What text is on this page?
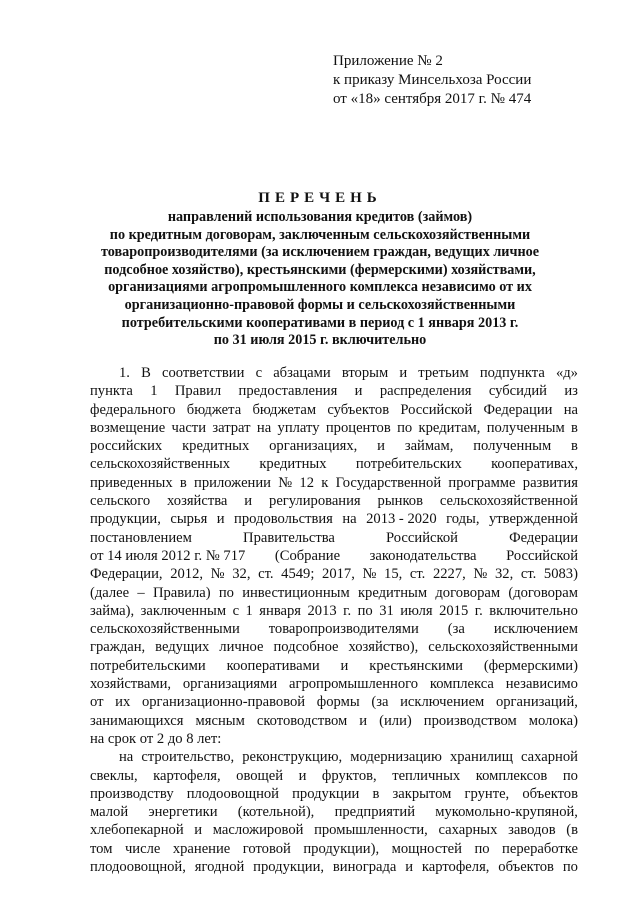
Приложение № 2
к приказу Минсельхоза России
от «18» сентября 2017 г. № 474
ПЕРЕЧЕНЬ
направлений использования кредитов (займов)
по кредитным договорам, заключенным сельскохозяйственными
товаропроизводителями (за исключением граждан, ведущих личное
подсобное хозяйство), крестьянскими (фермерскими) хозяйствами,
организациями агропромышленного комплекса независимо от их
организационно-правовой формы и сельскохозяйственными
потребительскими кооперативами в период с 1 января 2013 г.
по 31 июля 2015 г. включительно
1. В соответствии с абзацами вторым и третьим подпункта «д»
пункта 1 Правил предоставления и распределения субсидий из
федерального бюджета бюджетам субъектов Российской Федерации на
возмещение части затрат на уплату процентов по кредитам, полученным в
российских кредитных организациях, и займам, полученным в
сельскохозяйственных кредитных потребительских кооперативах,
приведенных в приложении № 12 к Государственной программе развития
сельского хозяйства и регулирования рынков сельскохозяйственной
продукции, сырья и продовольствия на 2013 - 2020 годы, утвержденной
постановлением	Правительства	Российской	Федерации
от 14 июля 2012 г. № 717 (Собрание законодательства Российской
Федерации, 2012, № 32, ст. 4549; 2017, № 15, ст. 2227, № 32, ст. 5083)
(далее – Правила) по инвестиционным кредитным договорам (договорам
займа), заключенным с 1 января 2013 г. по 31 июля 2015 г. включительно
сельскохозяйственными товаропроизводителями (за исключением
граждан, ведущих личное подсобное хозяйство), сельскохозяйственными
потребительскими кооперативами и крестьянскими (фермерскими)
хозяйствами, организациями агропромышленного комплекса независимо
от их организационно-правовой формы (за исключением организаций,
занимающихся мясным скотоводством и (или) производством молока)
на срок от 2 до 8 лет:
на строительство, реконструкцию, модернизацию хранилищ сахарной
свеклы, картофеля, овощей и фруктов, тепличных комплексов по
производству плодоовощной продукции в закрытом грунте, объектов
малой энергетики (котельной), предприятий мукомольно-крупяной,
хлебопекарной и масложировой промышленности, сахарных заводов (в
том числе хранение готовой продукции), мощностей по переработке
плодоовощной, ягодной продукции, винограда и картофеля, объектов по
